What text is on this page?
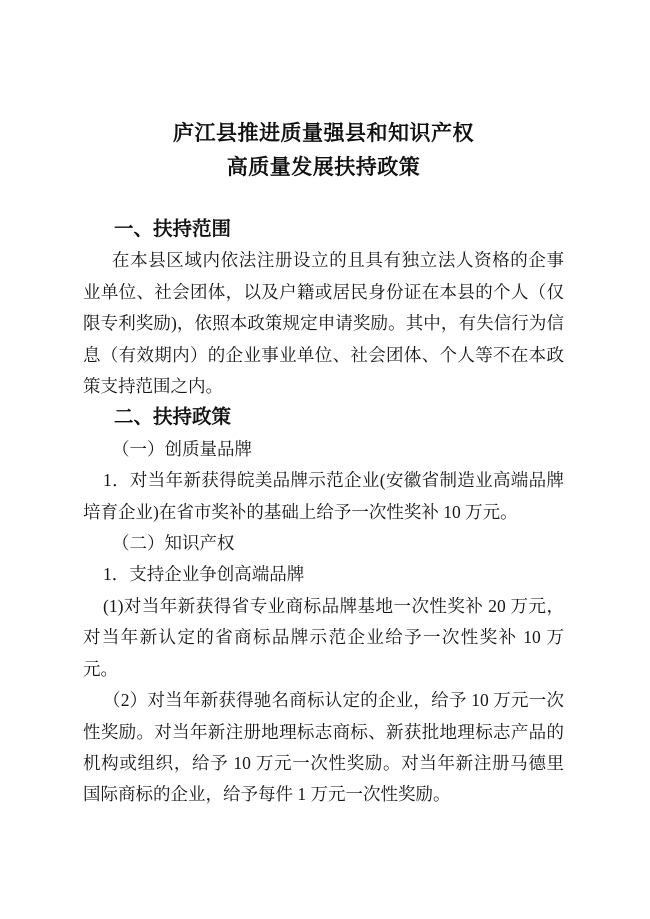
庐江县推进质量强县和知识产权
高质量发展扶持政策

一、扶持范围

在本县区域内依法注册设立的且具有独立法人资格的企事业单位、社会团体，以及户籍或居民身份证在本县的个人（仅限专利奖励)，依照本政策规定申请奖励。其中，有失信行为信息（有效期内）的企业事业单位、社会团体、个人等不在本政策支持范围之内。

二、扶持政策

（一）创质量品牌

1．对当年新获得皖美品牌示范企业(安徽省制造业高端品牌培育企业)在省市奖补的基础上给予一次性奖补 10 万元。

（二）知识产权

1．支持企业争创高端品牌

(1)对当年新获得省专业商标品牌基地一次性奖补 20 万元，对当年新认定的省商标品牌示范企业给予一次性奖补 10 万元。

（2）对当年新获得驰名商标认定的企业，给予 10 万元一次性奖励。对当年新注册地理标志商标、新获批地理标志产品的机构或组织，给予 10 万元一次性奖励。对当年新注册马德里国际商标的企业，给予每件 1 万元一次性奖励。
